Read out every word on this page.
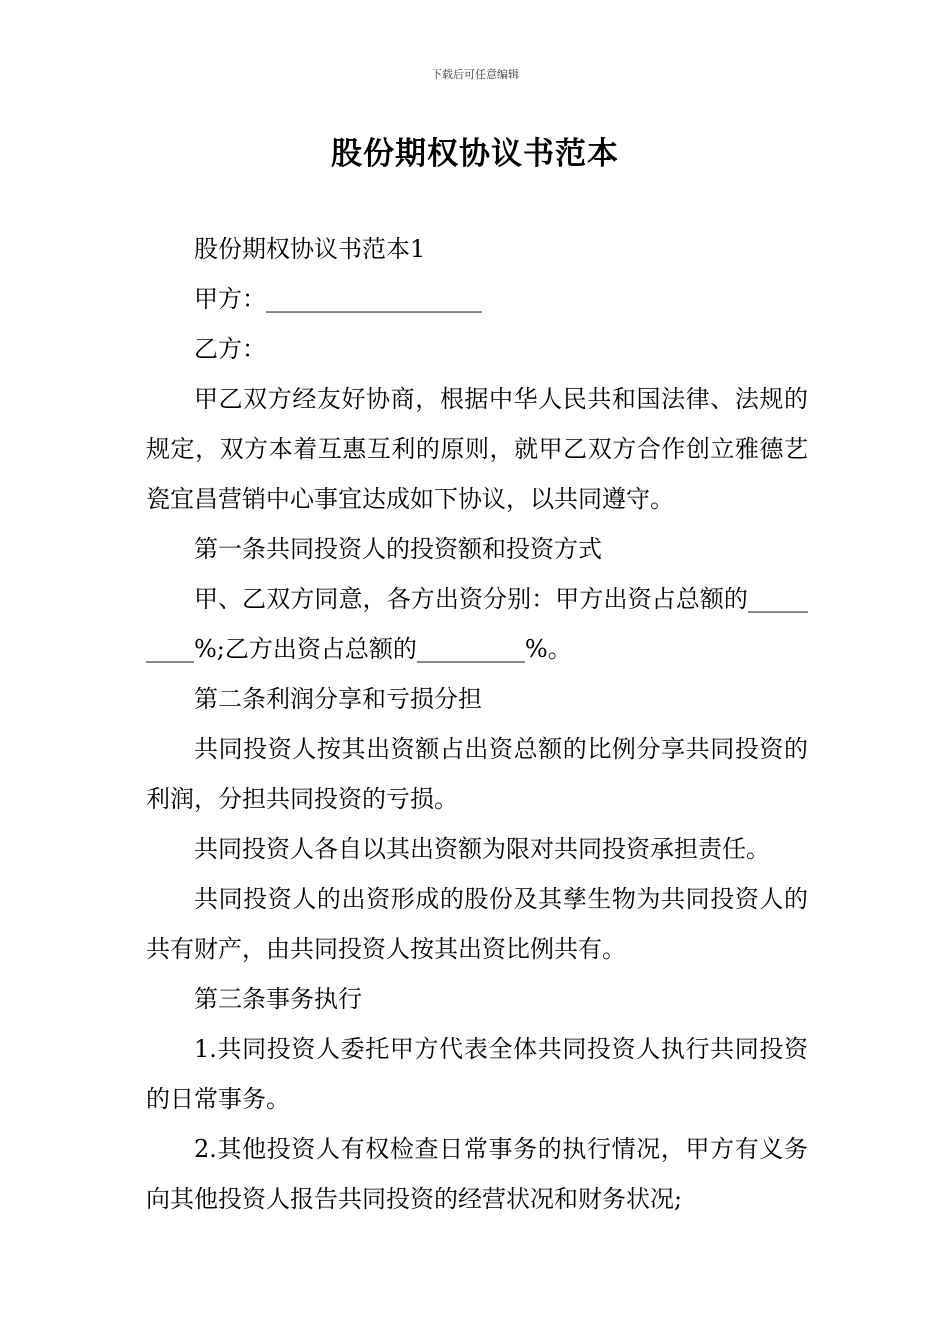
下载后可任意编辑
股份期权协议书范本

股份期权协议书范本1

甲方：__________________

乙方：

甲乙双方经友好协商，根据中华人民共和国法律、法规的规定，双方本着互惠互利的原则，就甲乙双方合作创立雅德艺瓷宜昌营销中心事宜达成如下协议，以共同遵守。

第一条共同投资人的投资额和投资方式

甲、乙双方同意，各方出资分别：甲方出资占总额的_________%;乙方出资占总额的_________%。

第二条利润分享和亏损分担

共同投资人按其出资额占出资总额的比例分享共同投资的利润，分担共同投资的亏损。

共同投资人各自以其出资额为限对共同投资承担责任。

共同投资人的出资形成的股份及其孳生物为共同投资人的共有财产，由共同投资人按其出资比例共有。

第三条事务执行

1.共同投资人委托甲方代表全体共同投资人执行共同投资的日常事务。

2.其他投资人有权检查日常事务的执行情况，甲方有义务向其他投资人报告共同投资的经营状况和财务状况;
